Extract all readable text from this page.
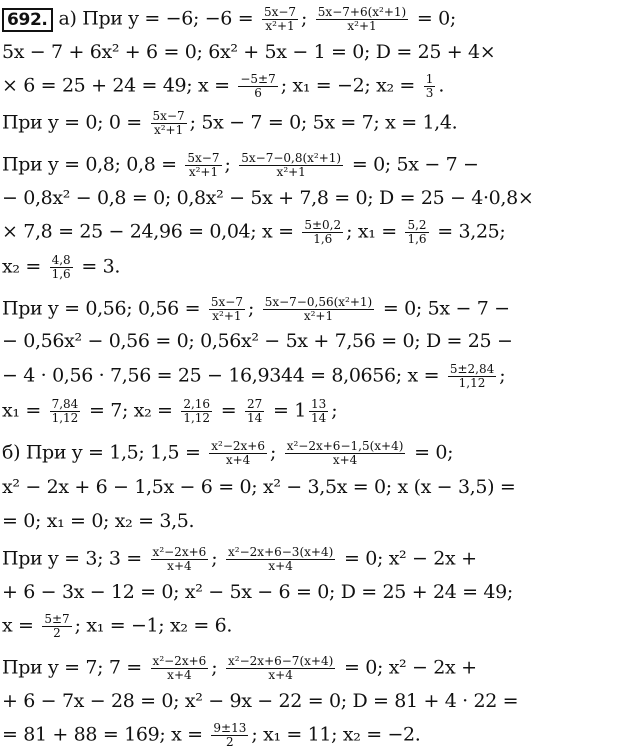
692. а) При y = −6; $-6 = \frac{5x-7}{\text{x²+1}}$ ; $\frac{\text{5x−7+6(x²+1)}}{\text{x²+1}} = 0$;
5x − 7 + 6x² + 6 = 0; 6x² + 5x − 1 = 0; D = 25 + 4×
× 6 = 25 + 24 = 49; $x = \frac{-5\pm 7}{6}$ ; x₁ = −2; $x_2 = \frac{1}{3}$ .
При y = 0; $0 = \frac{5x-7}{\text{x²+1}}$ ; 5x − 7 = 0; 5x = 7; x = 1,4.
При y = 0,8; $0,8 = \frac{5x-7}{\text{x²+1}}$ ; $\frac{\text{5x−7−0,8(x²+1)}}{\text{x²+1}} = 0$; 5x − 7 −
− 0,8x² − 0,8 = 0; 0,8x² − 5x + 7,8 = 0; D = 25 − 4·0,8×
× 7,8 = 25 − 24,96 = 0,04; $x = \frac{5\pm 0,2}{1,6}$ ; $x_1 = \frac{5,2}{1,6} = 3,25$;
$x_2 = \frac{4,8}{1,6} = 3$.
При y = 0,56; $0,56 = \frac{5x-7}{\text{x²+1}}$ ; $\frac{\text{5x−7−0,56(x²+1)}}{\text{x²+1}} = 0$; 5x − 7 −
− 0,56x² − 0,56 = 0; 0,56x² − 5x + 7,56 = 0; D = 25 −
− 4 · 0,56 · 7,56 = 25 − 16,9344 = 8,0656; $x = \frac{5\pm 2,84}{1,12}$ ;
$x_1 = \frac{7,84}{1,12} = 7$; $x_2 = \frac{2,16}{1,12} = \frac{27}{14} = 1 \frac{13}{14}$ ;
б) При y = 1,5; $1,5 = \frac{\text{x²−2x+6}}{x+4}$ ; $\frac{\text{x²−2x+6−1,5(x+4)}}{x+4} = 0$;
x² − 2x + 6 − 1,5x − 6 = 0; x² − 3,5x = 0; x (x − 3,5) =
= 0; x₁ = 0; x₂ = 3,5.
При y = 3; $3 = \frac{\text{x²−2x+6}}{x+4}$ ; $\frac{\text{x²−2x+6−3(x+4)}}{x+4} = 0$; x² − 2x +
+ 6 − 3x − 12 = 0; x² − 5x − 6 = 0; D = 25 + 24 = 49;
$x = \frac{5\pm 7}{2}$ ; x₁ = −1; x₂ = 6.
При y = 7; $7 = \frac{\text{x²−2x+6}}{x+4}$ ; $\frac{\text{x²−2x+6−7(x+4)}}{x+4} = 0$; x² − 2x +
+ 6 − 7x − 28 = 0; x² − 9x − 22 = 0; D = 81 + 4 · 22 =
= 81 + 88 = 169; $x = \frac{9\pm 13}{2}$ ; x₁ = 11; x₂ = −2.
